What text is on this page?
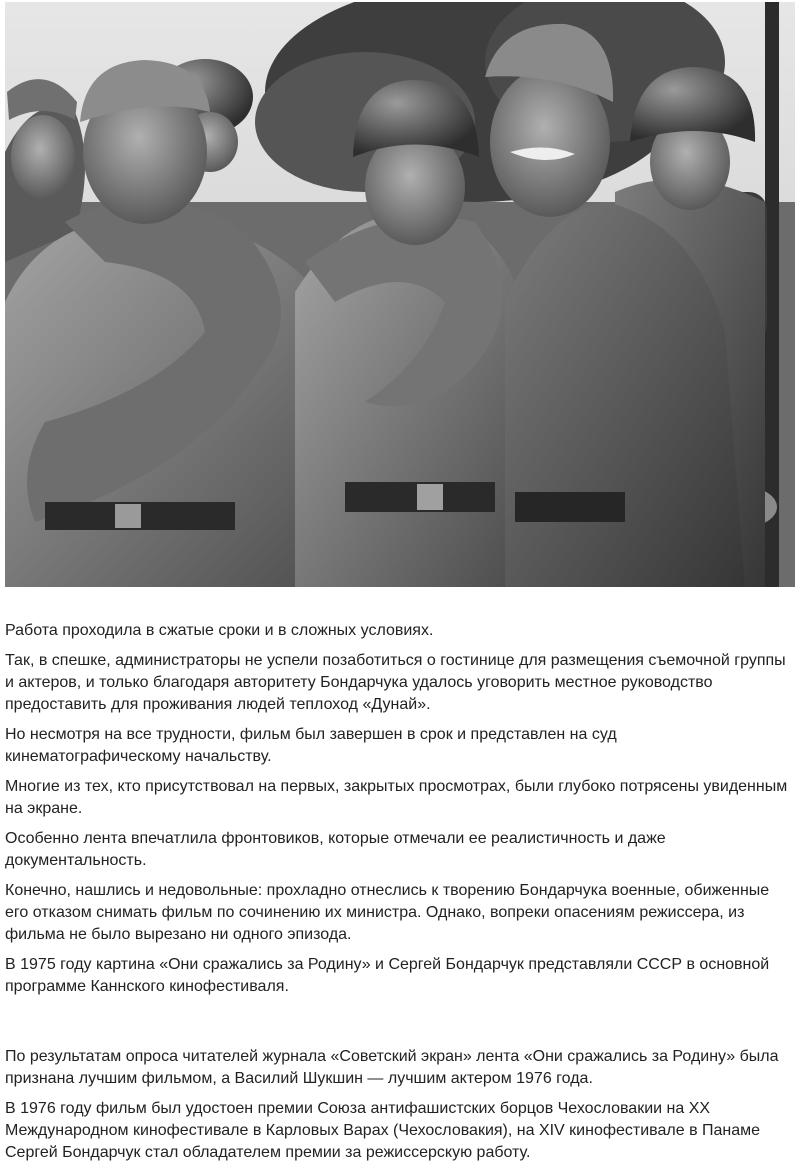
Работа проходила в сжатые сроки и в сложных условиях.

Так, в спешке, администраторы не успели позаботиться о гостинице для размещения съемочной группы и актеров, и только благодаря авторитету Бондарчука удалось уговорить местное руководство предоставить для проживания людей теплоход «Дунай».

Но несмотря на все трудности, фильм был завершен в срок и представлен на суд кинематографическому начальству.

Многие из тех, кто присутствовал на первых, закрытых просмотрах, были глубоко потрясены увиденным на экране.

Особенно лента впечатлила фронтовиков, которые отмечали ее реалистичность и даже документальность.

Конечно, нашлись и недовольные: прохладно отнеслись к творению Бондарчука военные, обиженные его отказом снимать фильм по сочинению их министра. Однако, вопреки опасениям режиссера, из фильма не было вырезано ни одного эпизода.

В 1975 году картина «Они сражались за Родину» и Сергей Бондарчук представляли СССР в основной программе Каннского кинофестиваля.

По результатам опроса читателей журнала «Советский экран» лента «Они сражались за Родину» была признана лучшим фильмом, а Василий Шукшин — лучшим актером 1976 года.

В 1976 году фильм был удостоен премии Союза антифашистских борцов Чехословакии на XX Международном кинофестивале в Карловых Варах (Чехословакия), на XIV кинофестивале в Панаме Сергей Бондарчук стал обладателем премии за режиссерскую работу.
